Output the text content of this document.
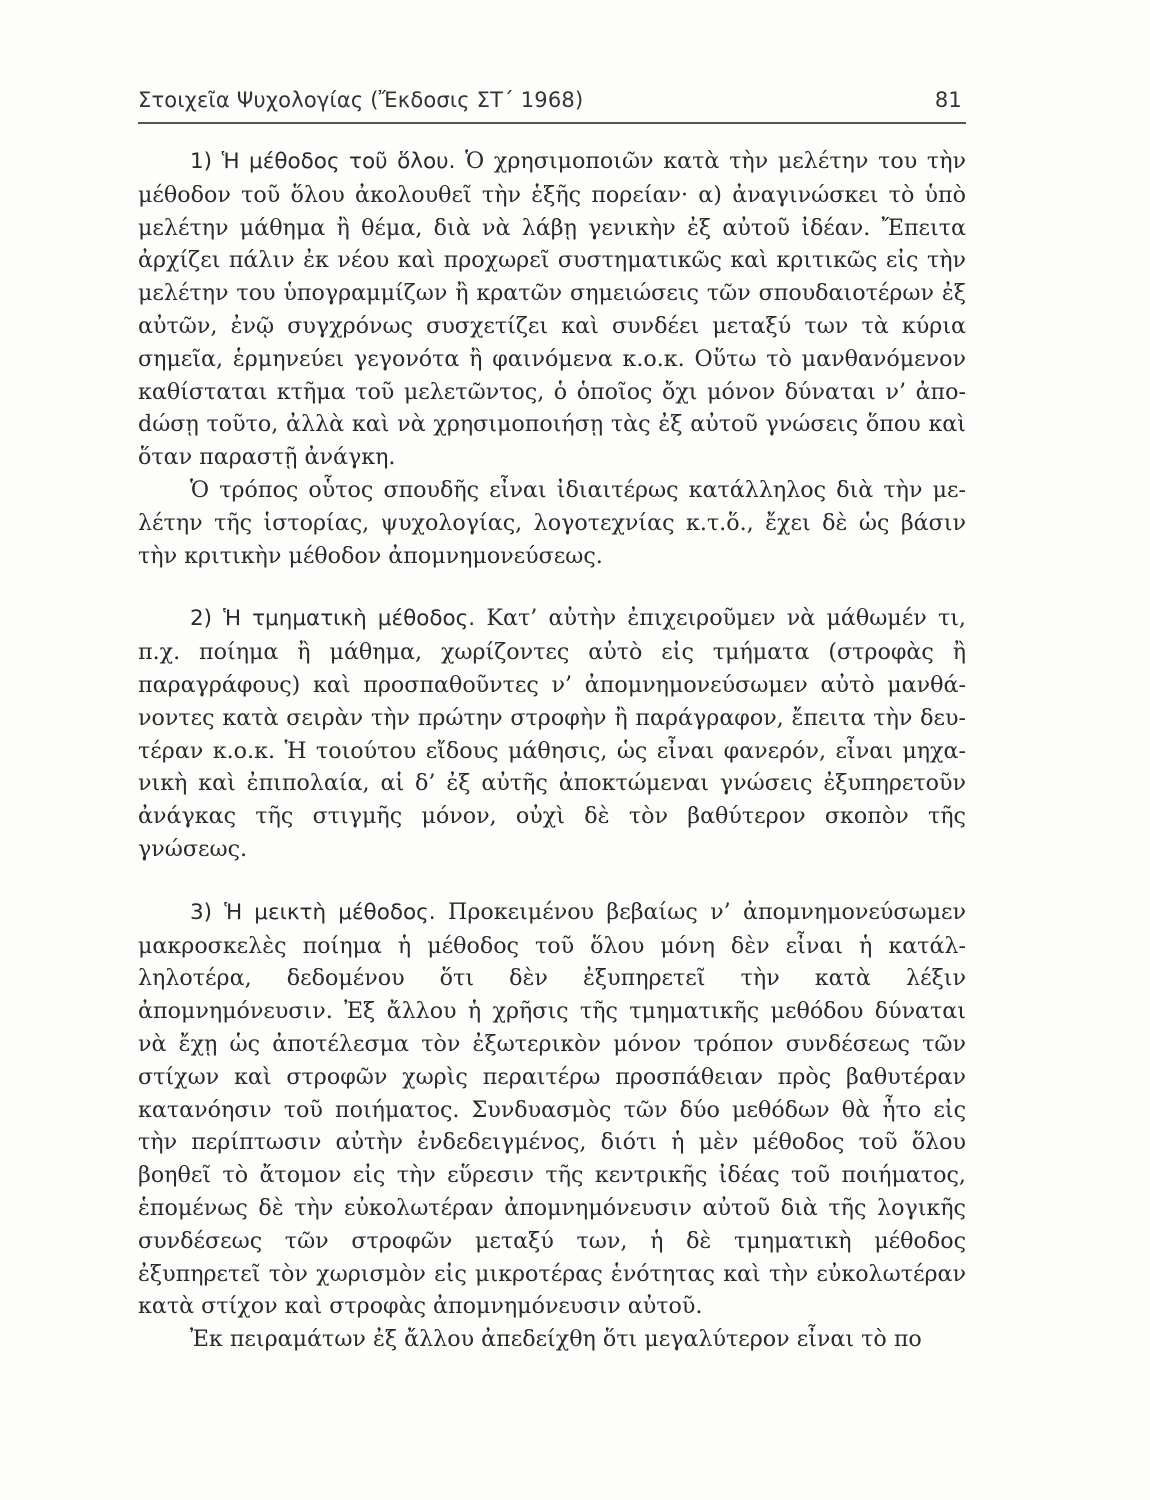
Στοιχεῖα Ψυχολογίας (Ἔκδοσις ΣΤ΄ 1968)	81

1) Ἡ μέθοδος τοῦ ὅλου. Ὁ χρησιμοποιῶν κατὰ τὴν μελέτην του τὴν μέθοδον τοῦ ὅλου ἀκολουθεῖ τὴν ἑξῆς πορείαν· α) ἀναγινώσκει τὸ ὑπὸ μελέτην μάθημα ἢ θέμα, διὰ νὰ λάβῃ γενικὴν ἐξ αὐτοῦ ἰδέαν. Ἔπειτα ἀρχίζει πάλιν ἐκ νέου καὶ προχωρεῖ συστηματικῶς καὶ κριτικῶς εἰς τὴν μελέτην του ὑπογραμμίζων ἢ κρατῶν σημειώσεις τῶν σπουδαιοτέρων ἐξ αὐτῶν, ἐνῷ συγχρόνως συσχετίζει καὶ συνδέει μεταξύ των τὰ κύρια σημεῖα, ἑρμηνεύει γεγονότα ἢ φαινόμενα κ.ο.κ. Οὕτω τὸ μανθανόμενον καθίσταται κτῆμα τοῦ μελετῶντος, ὁ ὁποῖος ὄχι μόνον δύναται ν’ ἀποdώσῃ τοῦτο, ἀλλὰ καὶ νὰ χρησιμοποιήσῃ τὰς ἐξ αὐτοῦ γνώσεις ὅπου καὶ ὅταν παραστῇ ἀνάγκη.

Ὁ τρόπος οὗτος σπουδῆς εἶναι ἰδιαιτέρως κατάλληλος διὰ τὴν μελέτην τῆς ἱστορίας, ψυχολογίας, λογοτεχνίας κ.τ.ὅ., ἔχει δὲ ὡς βάσιν τὴν κριτικὴν μέθοδον ἀπομνημονεύσεως.

2) Ἡ τμηματικὴ μέθοδος. Κατ’ αὐτὴν ἐπιχειροῦμεν νὰ μάθωμέν τι, π.χ. ποίημα ἢ μάθημα, χωρίζοντες αὐτὸ εἰς τμήματα (στροφὰς ἢ παραγράφους) καὶ προσπαθοῦντες ν’ ἀπομνημονεύσωμεν αὐτὸ μανθάνοντες κατὰ σειρὰν τὴν πρώτην στροφὴν ἢ παράγραφον, ἔπειτα τὴν δευτέραν κ.ο.κ. Ἡ τοιούτου εἴδους μάθησις, ὡς εἶναι φανερόν, εἶναι μηχανικὴ καὶ ἐπιπολαία, αἱ δ’ ἐξ αὐτῆς ἀποκτώμεναι γνώσεις ἐξυπηρετοῦν ἀνάγκας τῆς στιγμῆς μόνον, οὐχὶ δὲ τὸν βαθύτερον σκοπὸν τῆς γνώσεως.

3) Ἡ μεικτὴ μέθοδος. Προκειμένου βεβαίως ν’ ἀπομνημονεύσωμεν μακροσκελὲς ποίημα ἡ μέθοδος τοῦ ὅλου μόνη δὲν εἶναι ἡ κατάλληλοτέρα, δεδομένου ὅτι δὲν ἐξυπηρετεῖ τὴν κατὰ λέξιν ἀπομνημόνευσιν. Ἐξ ἄλλου ἡ χρῆσις τῆς τμηματικῆς μεθόδου δύναται νὰ ἔχῃ ὡς ἀποτέλεσμα τὸν ἐξωτερικὸν μόνον τρόπον συνδέσεως τῶν στίχων καὶ στροφῶν χωρὶς περαιτέρω προσπάθειαν πρὸς βαθυτέραν κατανόησιν τοῦ ποιήματος. Συνδυασμὸς τῶν δύο μεθόδων θὰ ἦτο εἰς τὴν περίπτωσιν αὐτὴν ἐνδεδειγμένος, διότι ἡ μὲν μέθοδος τοῦ ὅλου βοηθεῖ τὸ ἄτομον εἰς τὴν εὕρεσιν τῆς κεντρικῆς ἰδέας τοῦ ποιήματος, ἑπομένως δὲ τὴν εὐκολωτέραν ἀπομνημόνευσιν αὐτοῦ διὰ τῆς λογικῆς συνδέσεως τῶν στροφῶν μεταξύ των, ἡ δὲ τμηματικὴ μέθοδος ἐξυπηρετεῖ τὸν χωρισμὸν εἰς μικροτέρας ἑνότητας καὶ τὴν εὐκολωτέραν κατὰ στίχον καὶ στροφὰς ἀπομνημόνευσιν αὐτοῦ.

Ἐκ πειραμάτων ἐξ ἄλλου ἀπεδείχθη ὅτι μεγαλύτερον εἶναι τὸ πο
